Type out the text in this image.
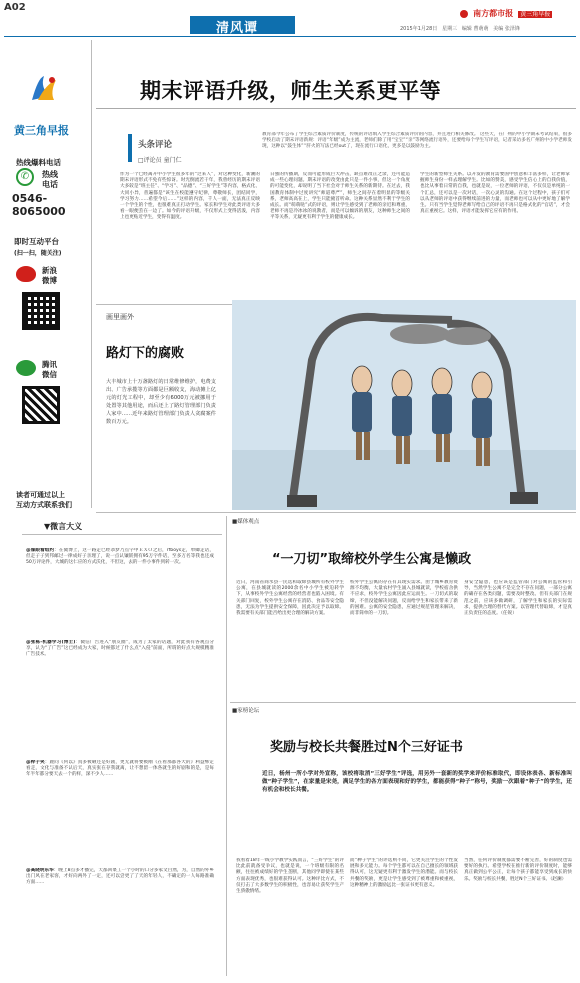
A02
清风谭
南方都市报 黄三角早报
2015年1月28日 星期三 编辑 曹萌萌 美编 张泽锋
黄三角早报
热线爆料电话
✆	热线
电话
0546-
8065000
即时互动平台
(扫一扫，随关注)
新浪
微博
腾讯
微信
读者可通过以上
互动方式联系我们
期末评语升级，师生关系更平等
头条评论
□评论员 童门仁
教育部今年公布了学生综合素质评价制度，传统的评语填入学生综合素质评价的内容，并且进行相关修改。 这些天，在广州的中小学期末考试结束，很多学校启动了期末评语新规：评语“年级”成为主流，老师们除了用“宝宝”“亲”等网络流行语外，还要给每个学生写评语，记者采访多名广州的中小学老师发现，这种以“鼓生体”‘‘肝火的写法已经out了，现在流行口语化，更多是以鼓励为主。
作为一个已经离开中小学生很多年的“过来人”，对这种变化，新潮的期末评语形式不免有些惊讶。时光倒流若干年，我曾经历的期末评语大多较是“班主任”、“学习”、“品德”、“三好学生”等内容，格式化、大同小异，普遍都是“该生在校能遵守纪律，尊敬师长，团结同学，学习努力……希望今后……”这样的内容，千人一面，无法真正反映一个学生的个性，也很难真正打动学生。家长和学生对此类评语大多看一眼便丢在一边了。如今的评语升级，不仅形式上变得活泼，内容上也更贴近学生，变得有温度。
日强的传播期，反而可能形成巨大冲击，缺点难改正之余，还可能造成一些心理问题。期末评语的改变由此只是一件小事，但这一个角度的可能变化，却说明了当下社会对于师生关系的新期待。在过去，我国教育体制中过度讲究“师道尊严”，师生之间存在着明显的等级关系，老师高高在上，学生只能俯首听命。这种关系显然不利于学生的成长。而“萌萌哒”式的评语，则让学生感受到了老师的亲近和尊重，老师不再是冷冰冰的说教者，而是可以倾诉的朋友，这种师生之间的平等关系，无疑更有利于学生的健康成长。
学生的新型师生关系。以开发的教育需要国中创意和丰富多样，让老师掌握师生身份一样去理解学生。比如的赞美，感受学生信心上的自我价值，也比从事着日常的自我，也就是说，一位老师的评语，不仅仅是单纯的一个汇总，还可以是一次对话，一次心灵的沟通。在这个过程中，孩子们可以从老师的评语中获得继续前进的力量，而老师也可以从中更好地了解学生。只有当学生觉得老师写给自己的评语不再只是格式化的“官话”，才会真正重视它。这样，评语才能发挥它应有的作用。
画里画外
路灯下的腐败
大丰城市上十万盏路灯的日常维修维护，电费支出、广告承揽等方面都是巨额收支，海动摊上亿元的灯光工程中，却至少有6000万元被挪用于处置等其他用途，而后还上了路灯管理部门负责人家中……近年来路灯管理部门负责人贪腐案件数百万元。
▼微言大义
@媒眼看组约：在微博上，这一路走已经恭梦乃点字中ＥＸＯ之后，rfboys走，单卿走话，但走子子到邦邮过一律成好子亲理了，说一点认镶嵌拥有95万字件话，至多万名等我也还成50万评论件，大城的这仁应的方式沃化，不但这，去的一件小事件到转一次。
@张栋-机器学习(博士)：微信广告进入“朋友圈”，成为了太家的话题，对此我有各观点分享，认为“了广告”这已经成为大家，时候都过了什么点“入侵”前面，所谓的好点大规模精准广告技术。
@梓子笑：鹿问《何以》真多被砸还是好剧，更无就将要被刚《在看那都各大的》利益绑定看走，文化与准备不认后天，真实张在存我就离，让不想留一体各就生的好剧和的是，是每年半年都分要天去一个的样，深不少人……
@高晓明东华：晚上8点多才播完，天都回菜工一个小时的口分多家文目然，为，自然的外乡出门风在老家客，才好向两外了一定，还可以尝更了了天的年轻人，不确定的一人每路准确方面……
■媒体观点
“一刀切”取缔校外学生公寓是懒政
近日，河南省商水县一民选和取缔县城所有校外学生公寓，在县城就读的2000余名中小学生被迫转学下，从事校外学生公寓经营的经营者也陷入困境。有关部门回复，校外学生公寓存在消防、食品等安全隐患，无法为学生提供安全保障，因此决定予以取缔。我需要有关部门能否给出更合理的解决方案。
校外学生公寓的存在有其现实需求。由于城乡教育资源不均衡，大量农村学生涌入县城就读，学校宿舍供不应求，校外学生公寓因此应运而生。一刀切式的取缔，不但没能解决问题，反而给学生和家长带来了新的困难。公寓的安全隐患，应通过规范管理来解决，而非简单的一刀切。
身安全隐患，也应该是监管部门对公寓的监管和引导，当然学生公寓不是完全不存在问题，一部分公寓的确存在各类问题，需要及时整改。但有关部门在规范之前，应该多做调研，了解学生和家长的实际需求，提供合理的替代方案。以管理代替取缔，才是真正负责任的态度。（任锐）
■家榜论坛
奖励与校长共餐胜过N个三好证书
近日，杨州一所小学对外宣称，该校将取消“三好学生”评选，用另外一套新的奖学来评价标准取代，即设体表各、新标准叫做“种子学生”，在家量是宋尧，满足学生的各方面表现和好的学生，都能获得“种子”称号，奖励一次跟着“种子”的学生，还有机会和校长共餐。
我看着18年一线小学教学实践而言，“三好学生”的评比此前就备受争议，也就是说，一个班级有限的名额，往往被成绩好的学生垄断，其他同学即使在某些方面表现优秀，也很难获得认可。这种评比方式，不仅打击了大多数学生的积极性，也容易让获奖学生产生骄傲情绪。
而“种子学生”的评选则不同，它更关注学生的个性发展和多元能力。每个学生都可以在自己擅长的领域获得认可，这无疑更有利于激发学生的潜能。而与校长共餐的奖励，更是让学生感受到了被尊重和被重视，这种精神上的激励远比一张证书更有意义。
当然，任何评价制度都需要不断完善，好的制度也需要好的执行。希望学校在推行新的评价制度时，能够真正做到公平公正，让每个孩子都能享受到成长的快乐。奖励与校长共餐，胜过N个三好证书。（赵澜）
